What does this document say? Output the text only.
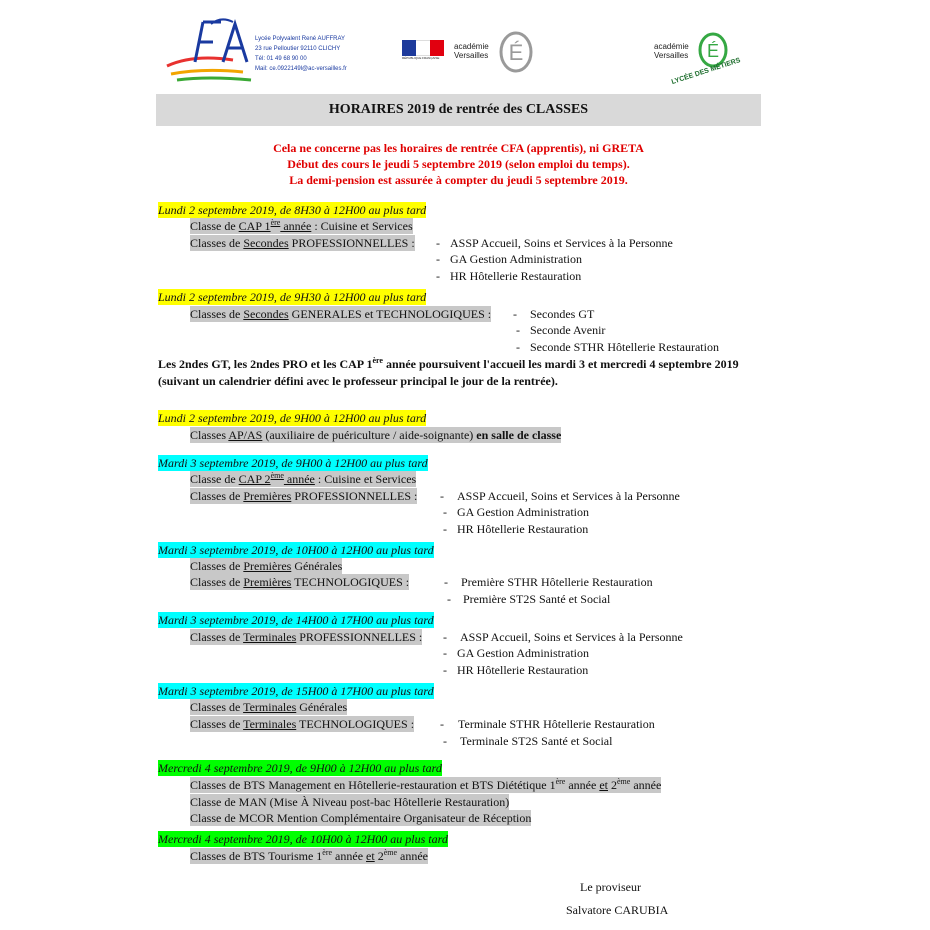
Lycée Polyvalent René AUFFRAY
23 rue Pelloutier 92110 CLICHY
Tél: 01 49 68 90 00
Mail: ce.0922149l@ac-versailles.fr
RÉPUBLIQUE FRANÇAISE
académie
Versailles É	académie
Versailles É
LYCÉE DES MÉTIERS
HORAIRES 2019 de rentrée des CLASSES
Cela ne concerne pas les horaires de rentrée CFA (apprentis), ni GRETA
Début des cours le jeudi 5 septembre 2019 (selon emploi du temps).
La demi-pension est assurée à compter du jeudi 5 septembre 2019.
Lundi 2 septembre 2019, de 8H30 à 12H00 au plus tard
Classe de CAP 1ère année : Cuisine et Services
Classes de Secondes PROFESSIONNELLES : - ASSP Accueil, Soins et Services à la Personne
- GA Gestion Administration
- HR Hôtellerie Restauration
Lundi 2 septembre 2019, de 9H30 à 12H00 au plus tard
Classes de Secondes GENERALES et TECHNOLOGIQUES : - Secondes GT
- Seconde Avenir
- Seconde STHR Hôtellerie Restauration
Les 2ndes GT, les 2ndes PRO et les CAP 1ère année poursuivent l'accueil les mardi 3 et mercredi 4 septembre 2019
(suivant un calendrier défini avec le professeur principal le jour de la rentrée).
Lundi 2 septembre 2019, de 9H00 à 12H00 au plus tard
Classes AP/AS (auxiliaire de puériculture / aide-soignante) en salle de classe
Mardi 3 septembre 2019, de 9H00 à 12H00 au plus tard
Classe de CAP 2ème année : Cuisine et Services
Classes de Premières PROFESSIONNELLES : - ASSP Accueil, Soins et Services à la Personne
- GA Gestion Administration
- HR Hôtellerie Restauration
Mardi 3 septembre 2019, de 10H00 à 12H00 au plus tard
Classes de Premières Générales
Classes de Premières TECHNOLOGIQUES :	- Première STHR Hôtellerie Restauration
- Première ST2S Santé et Social
Mardi 3 septembre 2019, de 14H00 à 17H00 au plus tard
Classes de Terminales PROFESSIONNELLES : - ASSP Accueil, Soins et Services à la Personne
- GA Gestion Administration
- HR Hôtellerie Restauration
Mardi 3 septembre 2019, de 15H00 à 17H00 au plus tard
Classes de Terminales Générales
Classes de Terminales TECHNOLOGIQUES : - Terminale STHR Hôtellerie Restauration
- Terminale ST2S Santé et Social
Mercredi 4 septembre 2019, de 9H00 à 12H00 au plus tard
Classes de BTS Management en Hôtellerie-restauration et BTS Diététique 1ère année et 2ème année
Classe de MAN (Mise À Niveau post-bac Hôtellerie Restauration)
Classe de MCOR Mention Complémentaire Organisateur de Réception
Mercredi 4 septembre 2019, de 10H00 à 12H00 au plus tard
Classes de BTS Tourisme 1ère année et 2ème année
Le proviseur
Salvatore CARUBIA
